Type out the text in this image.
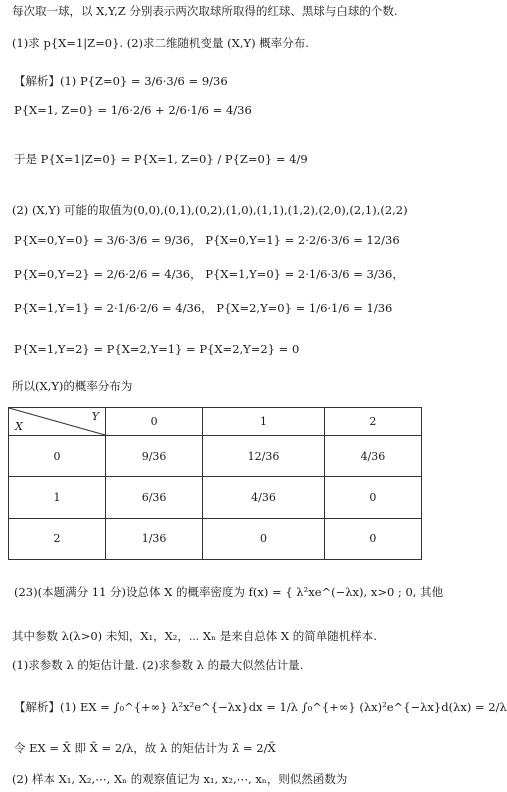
每次取一球，以 X,Y,Z 分别表示两次取球所取得的红球、黑球与白球的个数.
(1)求 p{X=1|Z=0}. (2)求二维随机变量 (X,Y) 概率分布.
【解析】(1) P{Z=0} = 3/6·3/6 = 9/36
P{X=1, Z=0} = 1/6·2/6 + 2/6·1/6 = 4/36
于是 P{X=1|Z=0} = P{X=1, Z=0} / P{Z=0} = 4/9
(2) (X,Y) 可能的取值为(0,0),(0,1),(0,2),(1,0),(1,1),(1,2),(2,0),(2,1),(2,2)
P{X=0,Y=0} = 3/6·3/6 = 9/36， P{X=0,Y=1} = 2·2/6·3/6 = 12/36
P{X=0,Y=2} = 2/6·2/6 = 4/36， P{X=1,Y=0} = 2·1/6·3/6 = 3/36，
P{X=1,Y=1} = 2·1/6·2/6 = 4/36， P{X=2,Y=0} = 1/6·1/6 = 1/36
P{X=1,Y=2} = P{X=2,Y=1} = P{X=2,Y=2} = 0
所以(X,Y)的概率分布为
X
Y	0	1	2
0	9/36	12/36	4/36
1	6/36	4/36	0
2	1/36	0	0
(23)(本题满分 11 分)设总体 X 的概率密度为 f(x) = { λ²xe^(−λx), x>0 ; 0, 其他
其中参数 λ(λ>0) 未知，X₁，X₂，⋯ Xₙ 是来自总体 X 的简单随机样本.
(1)求参数 λ 的矩估计量. (2)求参数 λ 的最大似然估计量.
【解析】(1) EX = ∫₀^{+∞} λ²x²e^{−λx}dx = 1/λ ∫₀^{+∞} (λx)²e^{−λx}d(λx) = 2/λ
令 EX = X̄ 即 X̄ = 2/λ，故 λ 的矩估计为 λ̂ = 2/X̄
(2) 样本 X₁, X₂,⋯, Xₙ 的观察值记为 x₁, x₂,⋯, xₙ，则似然函数为
